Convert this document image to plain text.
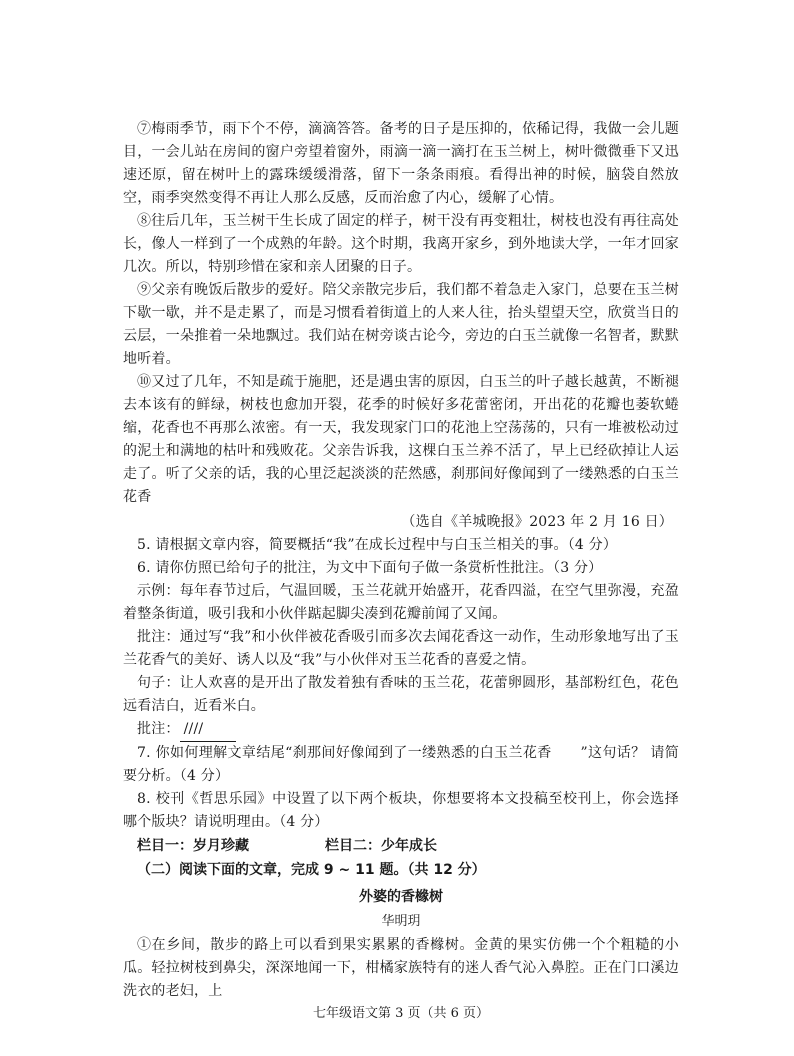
⑦梅雨季节，雨下个不停，滴滴答答。备考的日子是压抑的，依稀记得，我做一会儿题目，一会儿站在房间的窗户旁望着窗外，雨滴一滴一滴打在玉兰树上，树叶微微垂下又迅速还原，留在树叶上的露珠缓缓滑落，留下一条条雨痕。看得出神的时候，脑袋自然放空，雨季突然变得不再让人那么反感，反而治愈了内心，缓解了心情。

⑧往后几年，玉兰树干生长成了固定的样子，树干没有再变粗壮，树枝也没有再往高处长，像人一样到了一个成熟的年龄。这个时期，我离开家乡，到外地读大学，一年才回家几次。所以，特别珍惜在家和亲人团聚的日子。

⑨父亲有晚饭后散步的爱好。陪父亲散完步后，我们都不着急走入家门，总要在玉兰树下歇一歇，并不是走累了，而是习惯看着街道上的人来人往，抬头望望天空，欣赏当日的云层，一朵推着一朵地飘过。我们站在树旁谈古论今，旁边的白玉兰就像一名智者，默默地听着。

⑩又过了几年，不知是疏于施肥，还是遇虫害的原因，白玉兰的叶子越长越黄，不断褪去本该有的鲜绿，树枝也愈加开裂，花季的时候好多花蕾密闭，开出花的花瓣也萎软蜷缩，花香也不再那么浓密。有一天，我发现家门口的花池上空荡荡的，只有一堆被松动过的泥土和满地的枯叶和残败花。父亲告诉我，这棵白玉兰养不活了，早上已经砍掉让人运走了。听了父亲的话，我的心里泛起淡淡的茫然感，刹那间好像闻到了一缕熟悉的白玉兰花香

（选自《羊城晚报》2023 年 2 月 16 日）

5. 请根据文章内容，简要概括“我”在成长过程中与白玉兰相关的事。（4 分）

6. 请你仿照已给句子的批注，为文中下面句子做一条赏析性批注。（3 分）

示例：每年春节过后，气温回暖，玉兰花就开始盛开，花香四溢，在空气里弥漫，充盈着整条街道，吸引我和小伙伴踮起脚尖凑到花瓣前闻了又闻。

批注：通过写“我”和小伙伴被花香吸引而多次去闻花香这一动作，生动形象地写出了玉兰花香气的美好、诱人以及“我”与小伙伴对玉兰花香的喜爱之情。

句子：让人欢喜的是开出了散发着独有香味的玉兰花，花蕾卵圆形，基部粉红色，花色远看洁白，近看米白。

批注： ////

7. 你如何理解文章结尾“刹那间好像闻到了一缕熟悉的白玉兰花香　　”这句话？ 请简要分析。（4 分）

8. 校刊《哲思乐园》中设置了以下两个板块，你想要将本文投稿至校刊上，你会选择哪个版块？请说明理由。（4 分）

栏目一：岁月珍藏	栏目二：少年成长
（二）阅读下面的文章，完成 9 ~ 11 题。（共 12 分）
外婆的香橼树
华明玥

①在乡间，散步的路上可以看到果实累累的香橼树。金黄的果实仿佛一个个粗糙的小瓜。轻拉树枝到鼻尖，深深地闻一下，柑橘家族特有的迷人香气沁入鼻腔。正在门口溪边洗衣的老妇，上

七年级语文第 3 页（共 6 页）
